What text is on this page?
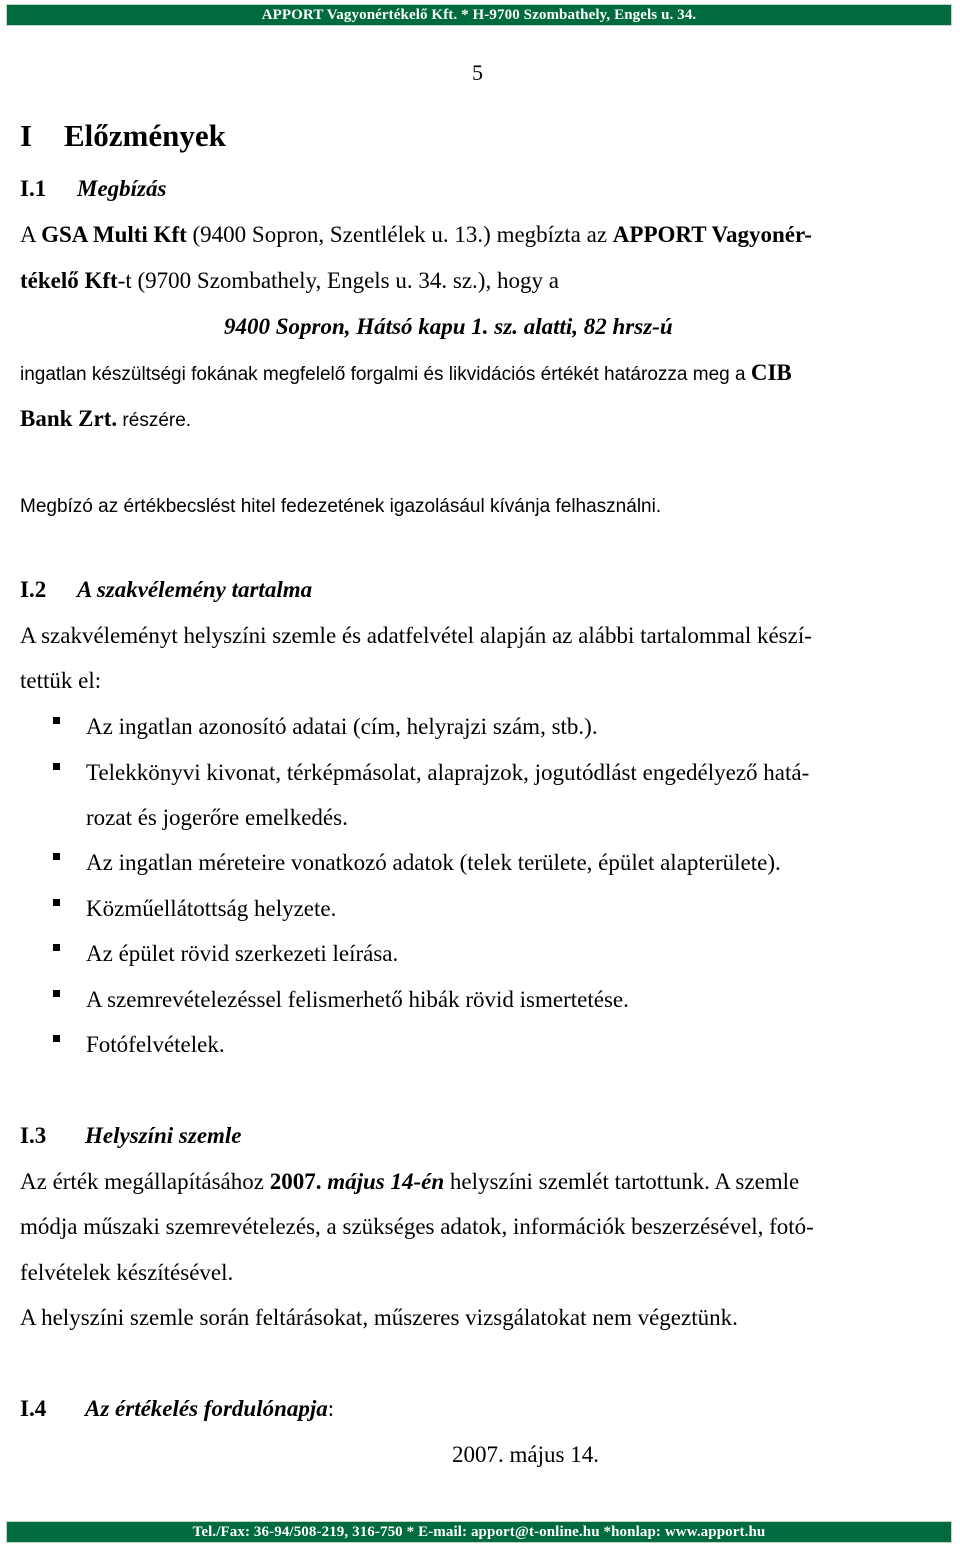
APPORT Vagyonértékelő Kft. * H-9700 Szombathely, Engels u. 34.
5
I Előzmények
I.1 Megbízás
A GSA Multi Kft (9400 Sopron, Szentlélek u. 13.) megbízta az APPORT Vagyonér-
tékelő Kft-t (9700 Szombathely, Engels u. 34. sz.), hogy a
9400 Sopron, Hátsó kapu 1. sz. alatti, 82 hrsz-ú
ingatlan készültségi fokának megfelelő forgalmi és likvidációs értékét határozza meg a CIB
Bank Zrt. részére.
Megbízó az értékbecslést hitel fedezetének igazolásául kívánja felhasználni.
I.2 A szakvélemény tartalma
A szakvéleményt helyszíni szemle és adatfelvétel alapján az alábbi tartalommal készí-
tettük el:
Az ingatlan azonosító adatai (cím, helyrajzi szám, stb.).
Telekkönyvi kivonat, térképmásolat, alaprajzok, jogutódlást engedélyező hatá-
rozat és jogerőre emelkedés.
Az ingatlan méreteire vonatkozó adatok (telek területe, épület alapterülete).
Közműellátottság helyzete.
Az épület rövid szerkezeti leírása.
A szemrevételezéssel felismerhető hibák rövid ismertetése.
Fotófelvételek.
I.3 Helyszíni szemle
Az érték megállapításához 2007. május 14-én helyszíni szemlét tartottunk. A szemle
módja műszaki szemrevételezés, a szükséges adatok, információk beszerzésével, fotó-
felvételek készítésével.
A helyszíni szemle során feltárásokat, műszeres vizsgálatokat nem végeztünk.
I.4 Az értékelés fordulónapja:
2007. május 14.
Tel./Fax: 36-94/508-219, 316-750 * E-mail: apport@t-online.hu *honlap: www.apport.hu
